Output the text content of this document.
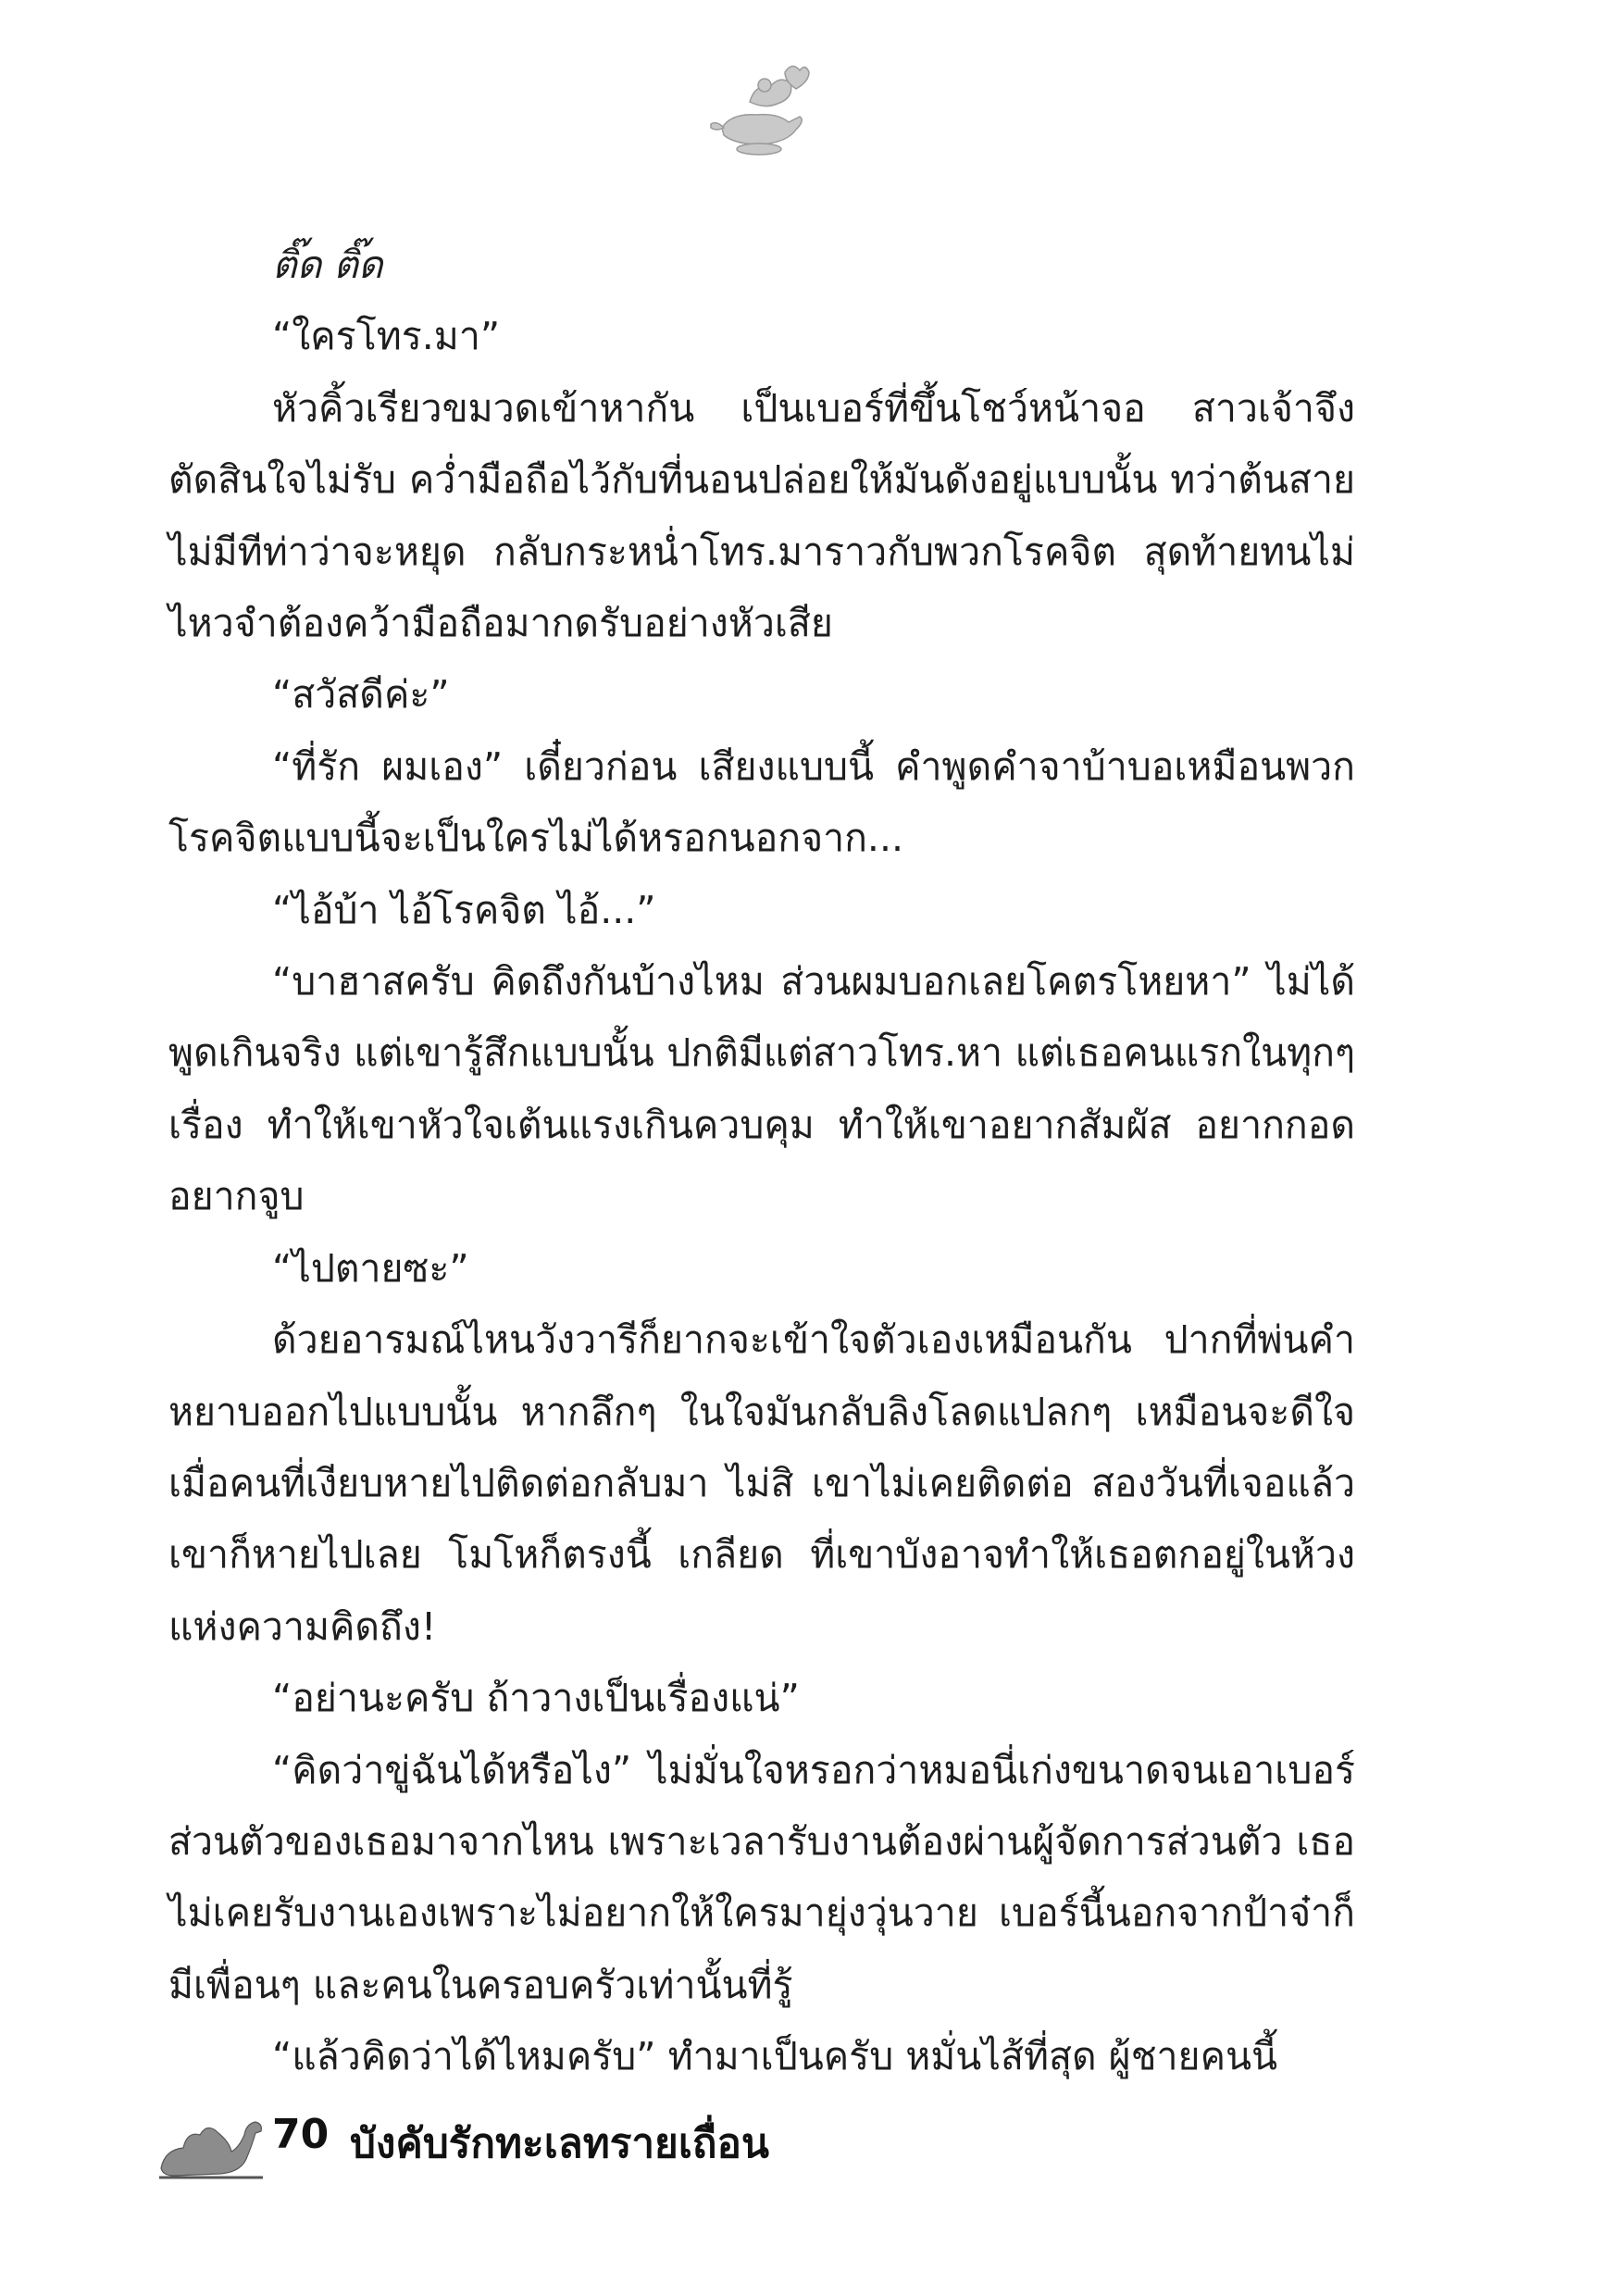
ติ๊ด ติ๊ด

“ใครโทร.มา”

หัวคิ้วเรียวขมวดเข้าหากัน เป็นเบอร์ที่ขึ้นโชว์หน้าจอ สาวเจ้าจึงตัดสินใจไม่รับ คว่ำมือถือไว้กับที่นอนปล่อยให้มันดังอยู่แบบนั้น ทว่าต้นสายไม่มีทีท่าว่าจะหยุด กลับกระหน่ำโทร.มาราวกับพวกโรคจิต สุดท้ายทนไม่ไหวจำต้องคว้ามือถือมากดรับอย่างหัวเสีย

“สวัสดีค่ะ”

“ที่รัก ผมเอง” เดี๋ยวก่อน เสียงแบบนี้ คำพูดคำจาบ้าบอเหมือนพวกโรคจิตแบบนี้จะเป็นใครไม่ได้หรอกนอกจาก...

“ไอ้บ้า ไอ้โรคจิต ไอ้...”

“บาฮาสครับ คิดถึงกันบ้างไหม ส่วนผมบอกเลยโคตรโหยหา” ไม่ได้พูดเกินจริง แต่เขารู้สึกแบบนั้น ปกติมีแต่สาวโทร.หา แต่เธอคนแรกในทุกๆ เรื่อง ทำให้เขาหัวใจเต้นแรงเกินควบคุม ทำให้เขาอยากสัมผัส อยากกอด อยากจูบ

“ไปตายซะ”

ด้วยอารมณ์ไหนวังวารีก็ยากจะเข้าใจตัวเองเหมือนกัน ปากที่พ่นคำหยาบออกไปแบบนั้น หากลึกๆ ในใจมันกลับลิงโลดแปลกๆ เหมือนจะดีใจเมื่อคนที่เงียบหายไปติดต่อกลับมา ไม่สิ เขาไม่เคยติดต่อ สองวันที่เจอแล้วเขาก็หายไปเลย โมโหก็ตรงนี้ เกลียด ที่เขาบังอาจทำให้เธอตกอยู่ในห้วงแห่งความคิดถึง!

“อย่านะครับ ถ้าวางเป็นเรื่องแน่”

“คิดว่าขู่ฉันได้หรือไง” ไม่มั่นใจหรอกว่าหมอนี่เก่งขนาดจนเอาเบอร์ส่วนตัวของเธอมาจากไหน เพราะเวลารับงานต้องผ่านผู้จัดการส่วนตัว เธอไม่เคยรับงานเองเพราะไม่อยากให้ใครมายุ่งวุ่นวาย เบอร์นี้นอกจากป้าจ๋าก็มีเพื่อนๆ และคนในครอบครัวเท่านั้นที่รู้

“แล้วคิดว่าได้ไหมครับ” ทำมาเป็นครับ หมั่นไส้ที่สุด ผู้ชายคนนี้

70 บังคับรักทะเลทรายเถื่อน
